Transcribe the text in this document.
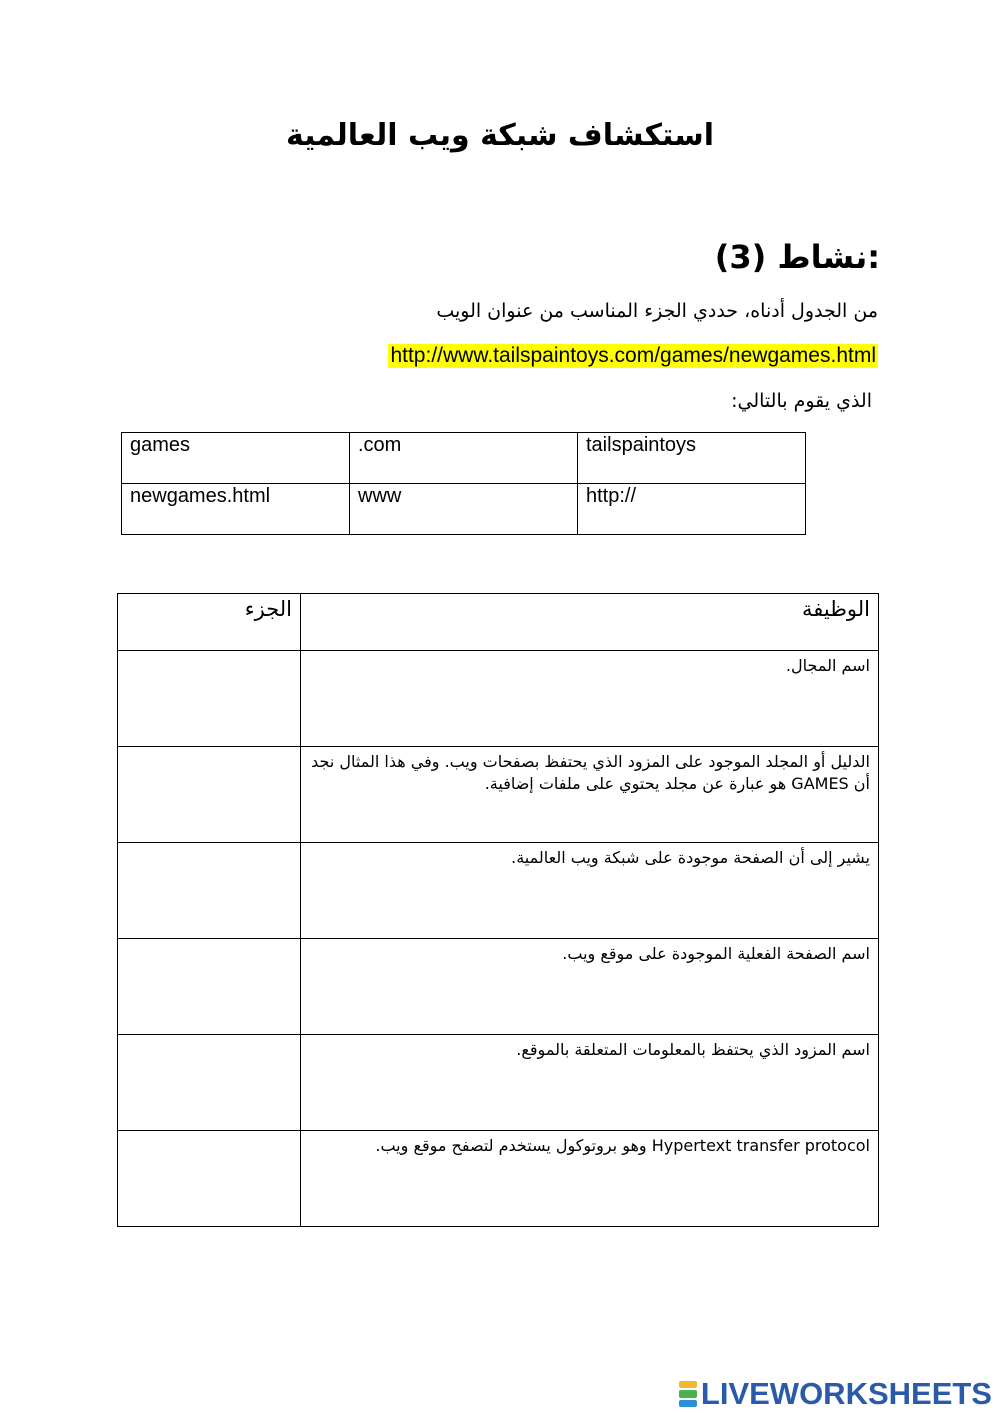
استكشاف شبكة ويب العالمية
نشاط (3):
من الجدول أدناه، حددي الجزء المناسب من عنوان الويب
http://www.tailspaintoys.com/games/newgames.html
الذي يقوم بالتالي:
games	.com	tailspaintoys
newgames.html	www	http://
الوظيفة	الجزء
اسم المجال.	
الدليل أو المجلد الموجود على المزود الذي يحتفظ بصفحات ويب. وفي هذا المثال نجد أن GAMES هو عبارة عن مجلد يحتوي على ملفات إضافية.	
يشير إلى أن الصفحة موجودة على شبكة ويب العالمية.	
اسم الصفحة الفعلية الموجودة على موقع ويب.	
اسم المزود الذي يحتفظ بالمعلومات المتعلقة بالموقع.	
Hypertext transfer protocol وهو بروتوكول يستخدم لتصفح موقع ويب.	
LIVEWORKSHEETS
